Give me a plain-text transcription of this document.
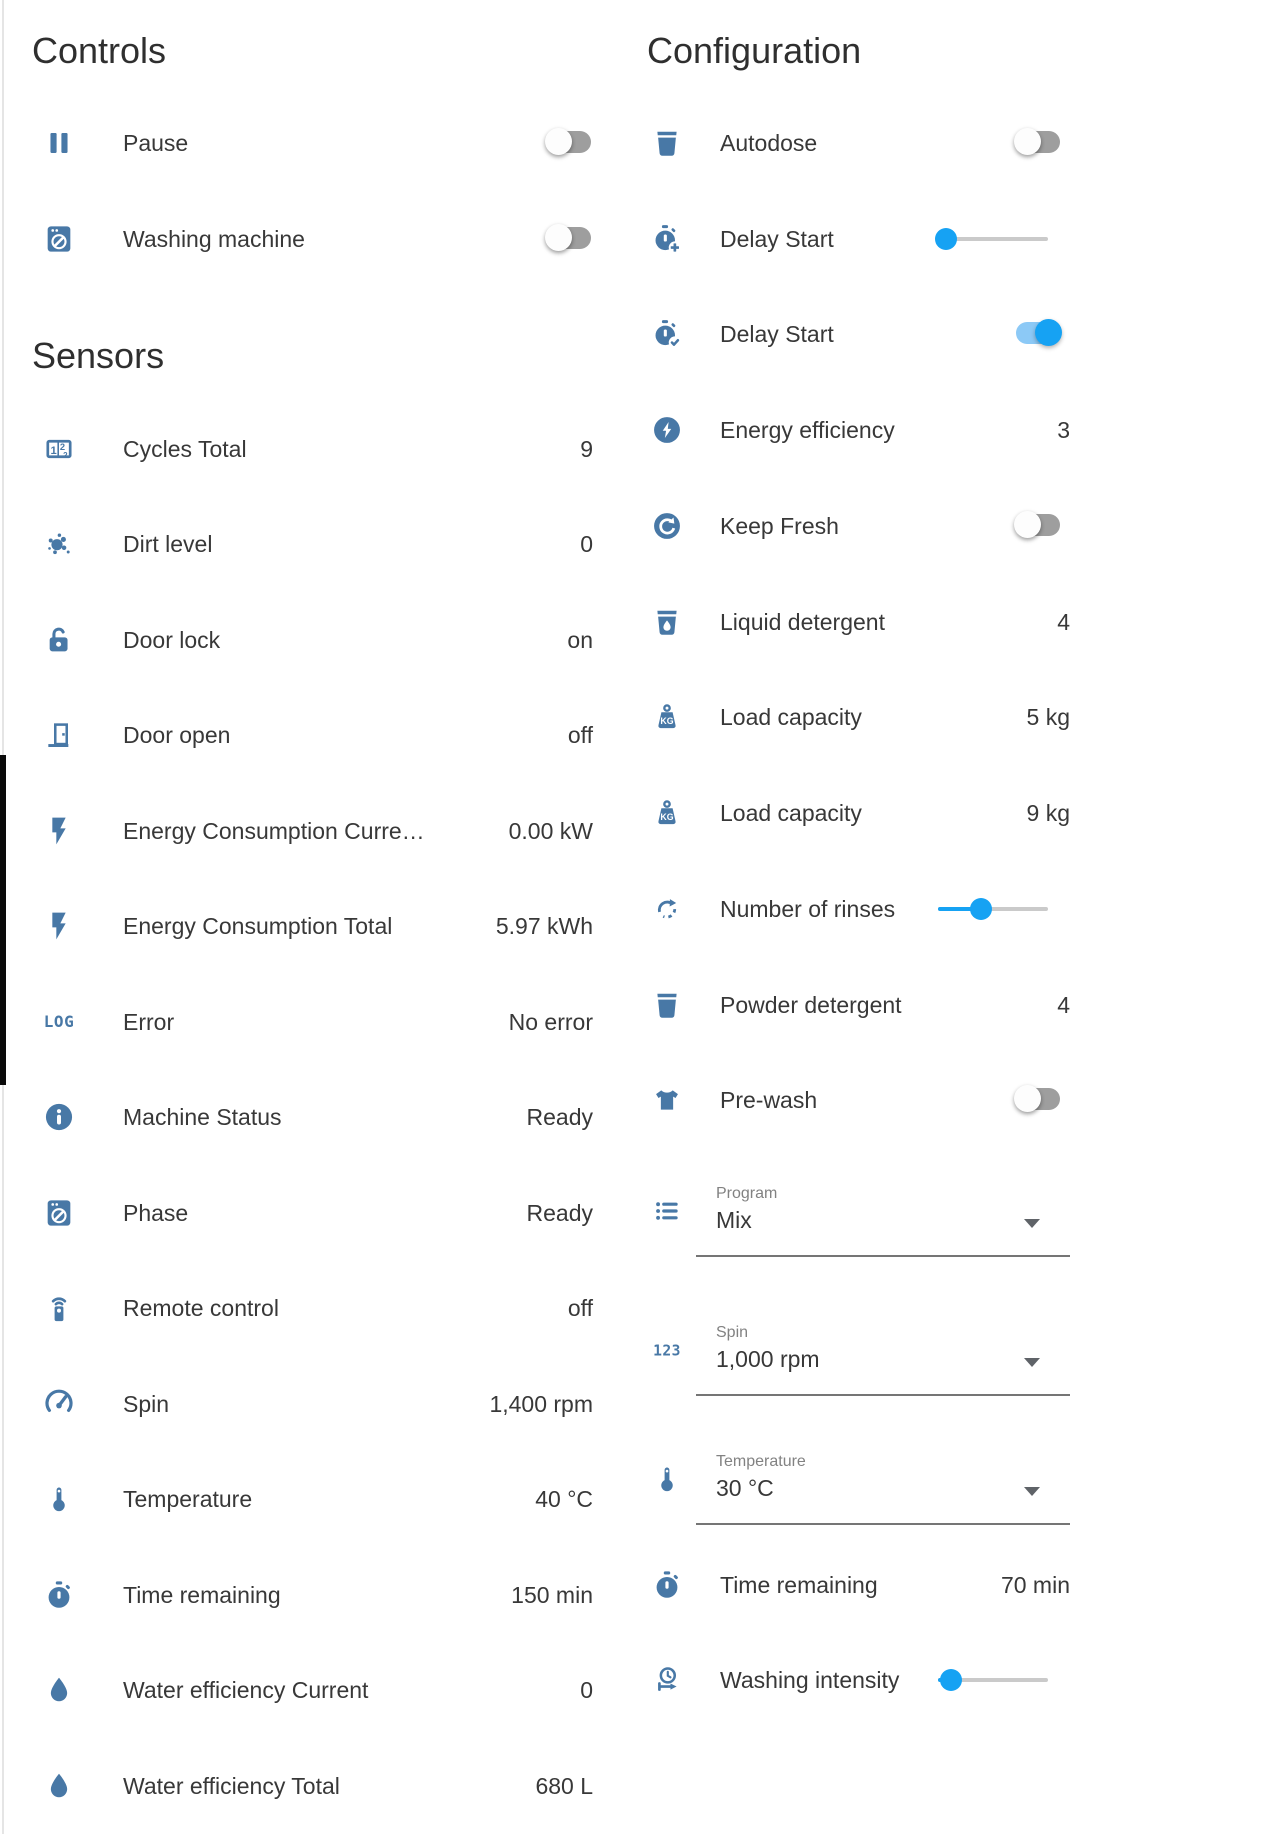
Controls
Sensors
Configuration
Pause
Washing machine
1 2
2 Cycles Total	9
Dirt level	0
Door lock	on
Door open	off
Energy Consumption Curre…	0.00 kW
Energy Consumption Total	5.97 kWh
LOG Error	No error
Machine Status	Ready
Phase	Ready
Remote control	off
Spin	1,400 rpm
Temperature	40 °C
Time remaining	150 min
Water efficiency Current	0
Water efficiency Total	680 L
Autodose
Delay Start
Delay Start
Energy efficiency	3
Keep Fresh
Liquid detergent	4
KG Load capacity	5 kg
KG Load capacity	9 kg
Number of rinses
Powder detergent	4
Pre-wash
Program
Mix
123
Spin
1,000 rpm
Temperature
30 °C
Time remaining	70 min
Washing intensity
